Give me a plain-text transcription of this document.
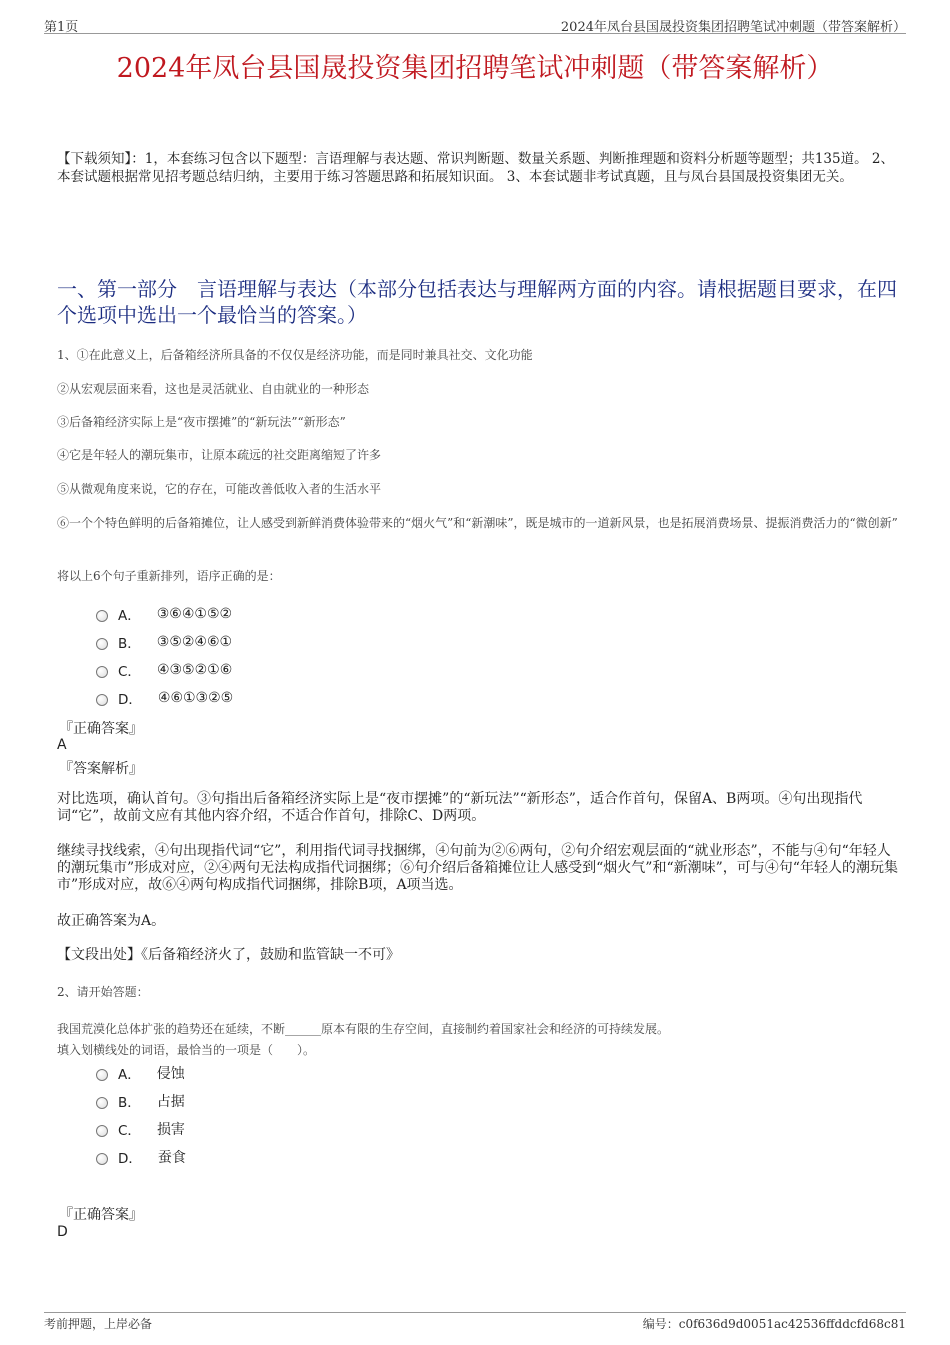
第1页	2024年凤台县国晟投资集团招聘笔试冲刺题（带答案解析）
2024年凤台县国晟投资集团招聘笔试冲刺题（带答案解析）
【下载须知】：1，本套练习包含以下题型：言语理解与表达题、常识判断题、数量关系题、判断推理题和资料分析题等题型；共135道。 2、本套试题根据常见招考题总结归纳，主要用于练习答题思路和拓展知识面。 3、本套试题非考试真题，且与凤台县国晟投资集团无关。
一、第一部分　言语理解与表达（本部分包括表达与理解两方面的内容。请根据题目要求，在四个选项中选出一个最恰当的答案。）
1、①在此意义上，后备箱经济所具备的不仅仅是经济功能，而是同时兼具社交、文化功能
②从宏观层面来看，这也是灵活就业、自由就业的一种形态
③后备箱经济实际上是“夜市摆摊”的“新玩法”“新形态”
④它是年轻人的潮玩集市，让原本疏远的社交距离缩短了许多
⑤从微观角度来说，它的存在，可能改善低收入者的生活水平
⑥一个个特色鲜明的后备箱摊位，让人感受到新鲜消费体验带来的“烟火气”和“新潮味”，既是城市的一道新风景，也是拓展消费场景、提振消费活力的“微创新”
将以上6个句子重新排列，语序正确的是：
A． ③⑥④①⑤②
B． ③⑤②④⑥①
C． ④③⑤②①⑥
D． ④⑥①③②⑤
『正确答案』
A
『答案解析』
对比选项，确认首句。③句指出后备箱经济实际上是“夜市摆摊”的“新玩法”“新形态”，适合作首句，保留A、B两项。④句出现指代词“它”，故前文应有其他内容介绍，不适合作首句，排除C、D两项。
继续寻找线索，④句出现指代词“它”，利用指代词寻找捆绑，④句前为②⑥两句，②句介绍宏观层面的“就业形态”，不能与④句“年轻人的潮玩集市”形成对应，②④两句无法构成指代词捆绑；⑥句介绍后备箱摊位让人感受到“烟火气”和“新潮味”，可与④句“年轻人的潮玩集市”形成对应，故⑥④两句构成指代词捆绑，排除B项，A项当选。
故正确答案为A。
【文段出处】《后备箱经济火了，鼓励和监管缺一不可》
2、请开始答题：
我国荒漠化总体扩张的趋势还在延续，不断______原本有限的生存空间，直接制约着国家社会和经济的可持续发展。
填入划横线处的词语，最恰当的一项是（　　）。
A． 侵蚀
B． 占据
C． 损害
D． 蚕食
『正确答案』
D
考前押题，上岸必备	编号：c0f636d9d0051ac42536ffddcfd68c81
